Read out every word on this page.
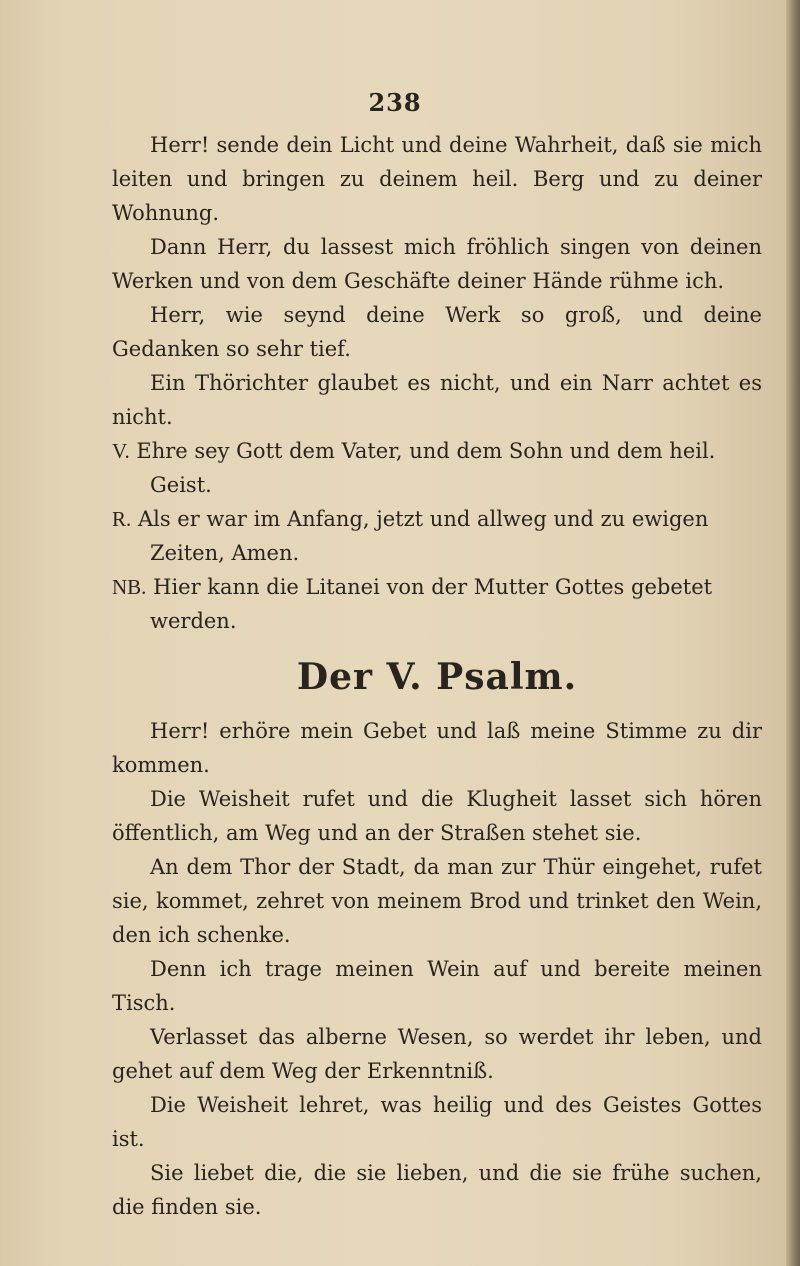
238

Herr! sende dein Licht und deine Wahrheit, daß sie mich leiten und bringen zu deinem heil. Berg und zu deiner Wohnung.

Dann Herr, du lassest mich fröhlich singen von deinen Werken und von dem Geschäfte deiner Hände rühme ich.

Herr, wie seynd deine Werk so groß, und deine Gedanken so sehr tief.

Ein Thörichter glaubet es nicht, und ein Narr achtet es nicht.

V. Ehre sey Gott dem Vater, und dem Sohn und dem heil. Geist.

R. Als er war im Anfang, jetzt und allweg und zu ewigen Zeiten, Amen.

NB. Hier kann die Litanei von der Mutter Gottes gebetet werden.

Der V. Psalm.

Herr! erhöre mein Gebet und laß meine Stimme zu dir kommen.

Die Weisheit rufet und die Klugheit lasset sich hören öffentlich, am Weg und an der Straßen stehet sie.

An dem Thor der Stadt, da man zur Thür eingehet, rufet sie, kommet, zehret von meinem Brod und trinket den Wein, den ich schenke.

Denn ich trage meinen Wein auf und bereite meinen Tisch.

Verlasset das alberne Wesen, so werdet ihr leben, und gehet auf dem Weg der Erkenntniß.

Die Weisheit lehret, was heilig und des Geistes Gottes ist.

Sie liebet die, die sie lieben, und die sie frühe suchen, die finden sie.
